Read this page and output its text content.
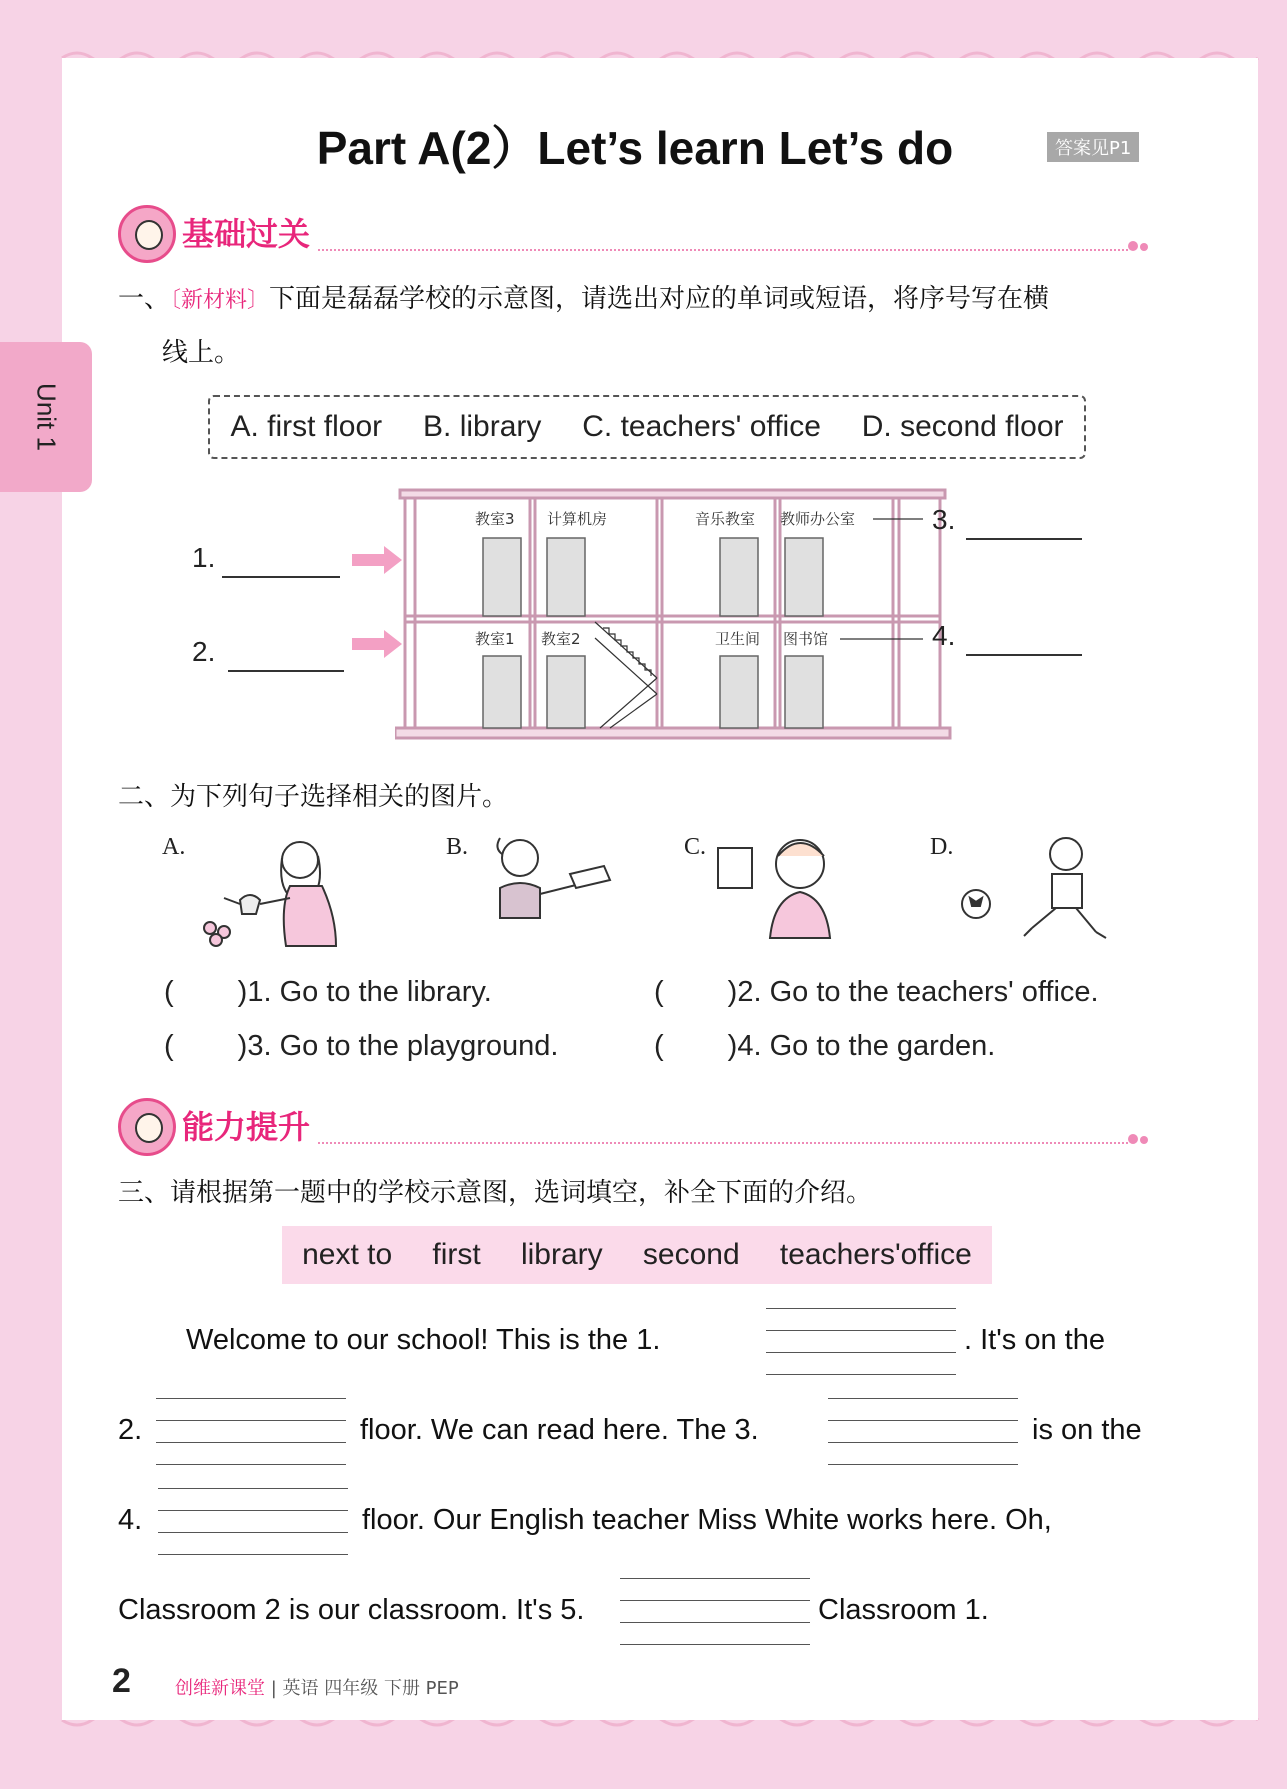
Unit 1
Part A(2）Let’s learn Let’s do	答案见P1
基础过关
一、〔新材料〕下面是磊磊学校的示意图，请选出对应的单词或短语，将序号写在横
线上。
A. first floor B. library C. teachers' office D. second floor
教室3 计算机房	音乐教室 教师办公室
教室1 教室2	卫生间 图书馆
1.
2.
3.
4.
二、为下列句子选择相关的图片。
A.	B.	C.	D.
( )1. Go to the library.	( )2. Go to the teachers' office.
( )3. Go to the playground.	( )4. Go to the garden.
能力提升
三、请根据第一题中的学校示意图，选词填空，补全下面的介绍。
next to first library second teachers'office
Welcome to our school! This is the 1.	. It's on the
2.	floor. We can read here. The 3.	is on the
4.	floor. Our English teacher Miss White works here. Oh,
Classroom 2 is our classroom. It's 5.	Classroom 1.
2 创维新课堂 | 英语 四年级 下册 PEP
